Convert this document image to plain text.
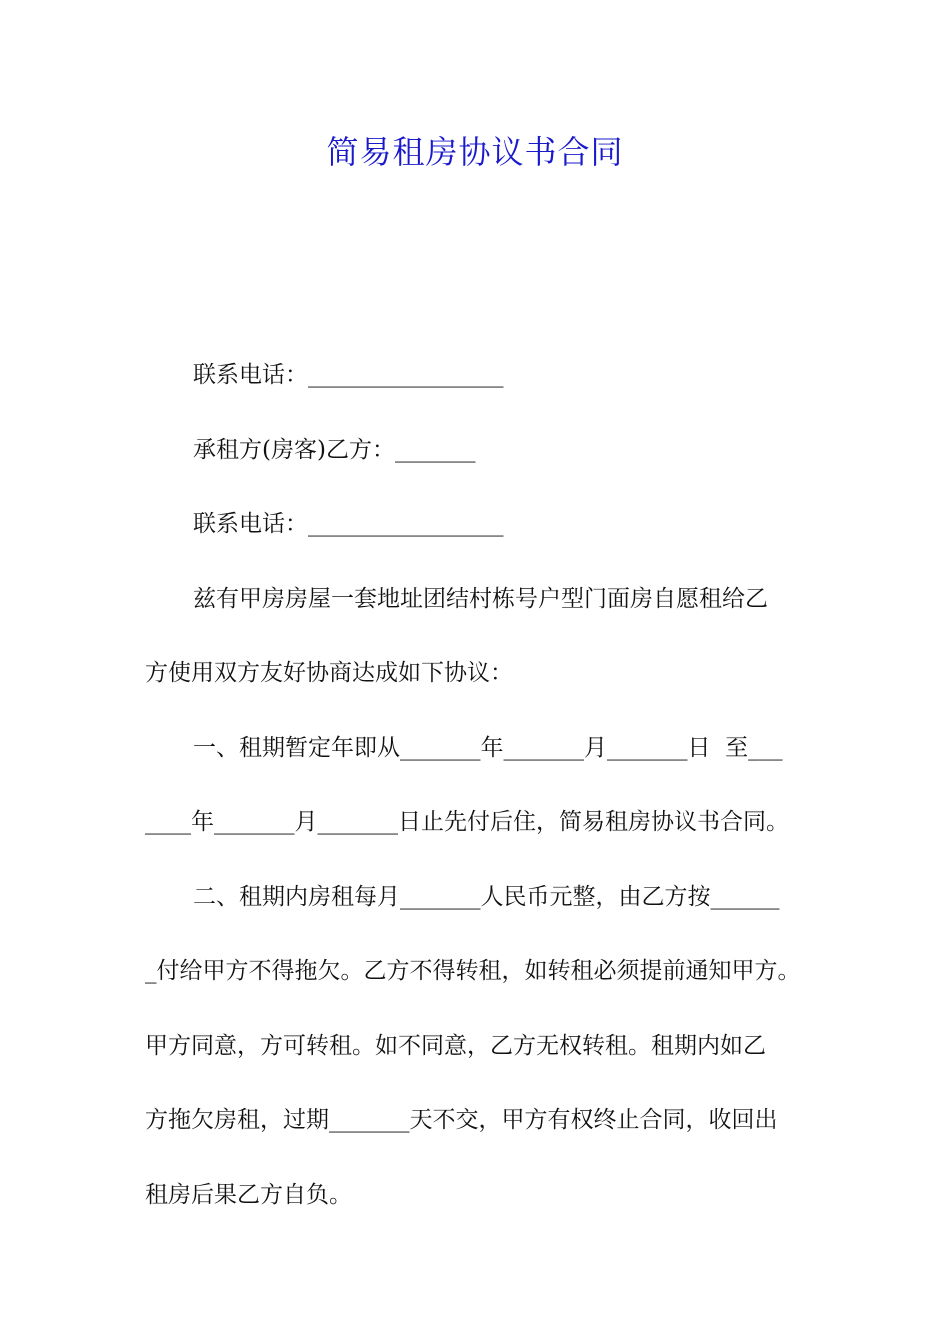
简易租房协议书合同
联系电话：_________________
承租方(房客)乙方：_______
联系电话：_________________
兹有甲房房屋一套地址团结村栋号户型门面房自愿租给乙
方使用双方友好协商达成如下协议：
一、租期暂定年即从_______年_______月_______日  至___
____年_______月_______日止先付后住，简易租房协议书合同。
二、租期内房租每月_______人民币元整，由乙方按______
_付给甲方不得拖欠。乙方不得转租，如转租必须提前通知甲方。
甲方同意，方可转租。如不同意，乙方无权转租。租期内如乙
方拖欠房租，过期_______天不交，甲方有权终止合同，收回出
租房后果乙方自负。
